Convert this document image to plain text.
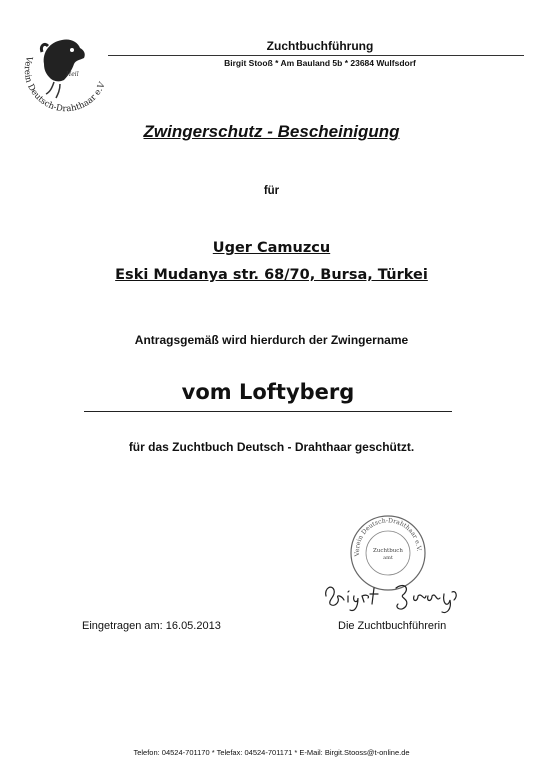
Heil
Verein Deutsch-Drahthaar e.V
Zuchtbuchführung
Birgit Stooß * Am Bauland 5b * 23684 Wulfsdorf
Zwingerschutz - Bescheinigung
für
Uger Camuzcu
Eski Mudanya str. 68/70, Bursa, Türkei
Antragsgemäß wird hierdurch der Zwingername
vom Loftyberg
für das Zuchtbuch Deutsch - Drahthaar geschützt.
Verein Deutsch-Drahthaar e.V.
Zuchtbuch
amt
Eingetragen am: 16.05.2013	Die Zuchtbuchführerin
Telefon: 04524-701170 * Telefax: 04524-701171 * E-Mail: Birgit.Stooss@t-online.de
